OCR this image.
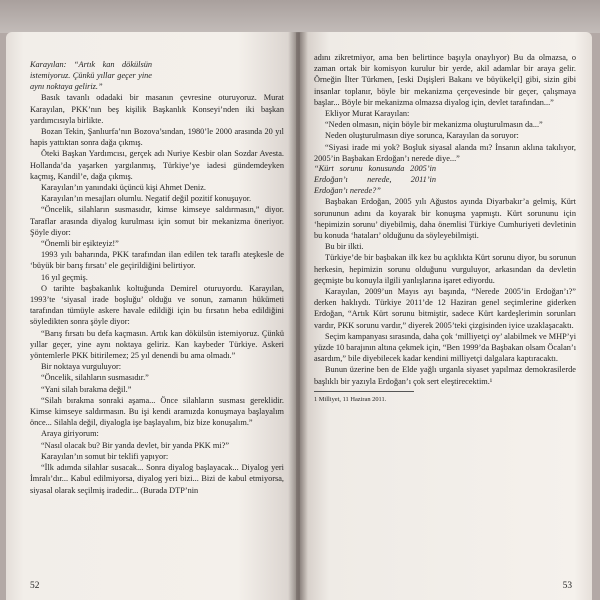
Karayılan: “Artık kan dökülsün istemiyoruz. Çünkü yıllar geçer yine aynı noktaya geliriz.”

Basık tavanlı odadaki bir masanın çevresine oturuyoruz. Murat Karayılan, PKK’nın beş kişilik Başkanlık Konseyi’nden iki başkan yardımcısıyla birlikte.

Bozan Tekin, Şanlıurfa’nın Bozova’sından, 1980’le 2000 arasında 20 yıl hapis yattıktan sonra dağa çıkmış.

Öteki Başkan Yardımcısı, gerçek adı Nuriye Kesbir olan Sozdar Avesta. Hollanda’da yaşarken yargılanmış, Türkiye’ye iadesi gündemdeyken kaçmış, Kandil’e, dağa çıkmış.

Karayılan’ın yanındaki üçüncü kişi Ahmet Deniz.

Karayılan’ın mesajları olumlu. Negatif değil pozitif konuşuyor.

“Öncelik, silahların susmasıdır, kimse kimseye saldırmasın,” diyor. Taraflar arasında diyalog kurulması için somut bir mekanizma öneriyor. Şöyle diyor:

“Önemli bir eşikteyiz!”

1993 yılı baharında, PKK tarafından ilan edilen tek taraflı ateşkesle de ‘büyük bir barış fırsatı’ ele geçirildiğini belirtiyor.

16 yıl geçmiş.

O tarihte başbakanlık koltuğunda Demirel oturuyordu. Karayılan, 1993’te ‘siyasal irade boşluğu’ olduğu ve sonun, zamanın hükümeti tarafından tümüyle askere havale edildiği için bu fırsatın heba edildiğini söyledikten sonra şöyle diyor:

“Barış fırsatı bu defa kaçmasın. Artık kan dökülsün istemiyoruz. Çünkü yıllar geçer, yine aynı noktaya geliriz. Kan kaybeder Türkiye. Askeri yöntemlerle PKK bitirilemez; 25 yıl denendi bu ama olmadı.”

Bir noktaya vurguluyor:

“Öncelik, silahların susmasıdır.”

“Yani silah bırakma değil.”

“Silah bırakma sonraki aşama... Önce silahların susması gereklidir. Kimse kimseye saldırmasın. Bu işi kendi aramızda konuşmaya başlayalım önce... Silahla değil, diyalogla işe başlayalım, biz bize konuşalım.”

Araya giriyorum:

“Nasıl olacak bu? Bir yanda devlet, bir yanda PKK mi?”

Karayılan’ın somut bir teklifi yapıyor:

“İlk adımda silahlar susacak... Sonra diyalog başlayacak... Diyalog yeri İmralı’dır... Kabul edilmiyorsa, diyalog yeri bizi... Bizi de kabul etmiyorsa, siyasal olarak seçilmiş iradedir... (Burada DTP’nin

52

adını zikretmiyor, ama ben belirtince başıyla onaylıyor) Bu da olmazsa, o zaman ortak bir komisyon kurulur bir yerde, akil adamlar bir araya gelir. Örneğin İlter Türkmen, [eski Dışişleri Bakanı ve büyükelçi] gibi, sizin gibi insanlar toplanır, böyle bir mekanizma çerçevesinde bir geçer, çalışmaya başlar... Böyle bir mekanizma olmazsa diyalog için, devlet tarafından...”

Ekliyor Murat Karayılan:

“Neden olmasın, niçin böyle bir mekanizma oluşturulmasın da...”

Neden oluşturulmasın diye sorunca, Karayılan da soruyor:

“Siyasi irade mi yok? Boşluk siyasal alanda mı? İnsanın aklına takılıyor, 2005’in Başbakan Erdoğan’ı nerede diye...”

“Kürt sorunu konusunda 2005’in Erdoğan’ı nerede, 2011’in Erdoğan’ı nerede?”

Başbakan Erdoğan, 2005 yılı Ağustos ayında Diyarbakır’a gelmiş, Kürt sorununun adını da koyarak bir konuşma yapmıştı. Kürt sorununu için ‘hepimizin sorunu’ diyebilmiş, daha önemlisi Türkiye Cumhuriyeti devletinin bu konuda ‘hataları’ olduğunu da söyleyebilmişti.

Bu bir ilkti.

Türkiye’de bir başbakan ilk kez bu açıklıkta Kürt sorunu diyor, bu sorunun herkesin, hepimizin sorunu olduğunu vurguluyor, arkasından da devletin geçmişte bu konuyla ilgili yanlışlarına işaret ediyordu.

Karayılan, 2009’un Mayıs ayı başında, “Nerede 2005’in Erdoğan’ı?” derken haklıydı. Türkiye 2011’de 12 Haziran genel seçimlerine giderken Erdoğan, “Artık Kürt sorunu bitmiştir, sadece Kürt kardeşlerimin sorunları vardır, PKK sorunu vardır,” diyerek 2005’teki çizgisinden iyice uzaklaşacaktı.

Seçim kampanyası sırasında, daha çok ‘milliyetçi oy’ alabilmek ve MHP’yi yüzde 10 barajının altına çekmek için, “Ben 1999’da Başbakan olsam Öcalan’ı asardım,” bile diyebilecek kadar kendini milliyetçi dalgalara kaptıracaktı.

Bunun üzerine ben de Elde yağlı urganla siyaset yapılmaz demokrasilerde başlıklı bir yazıyla Erdoğan’ı çok sert eleştirecektim.¹

1 Milliyet, 11 Haziran 2011.

53
